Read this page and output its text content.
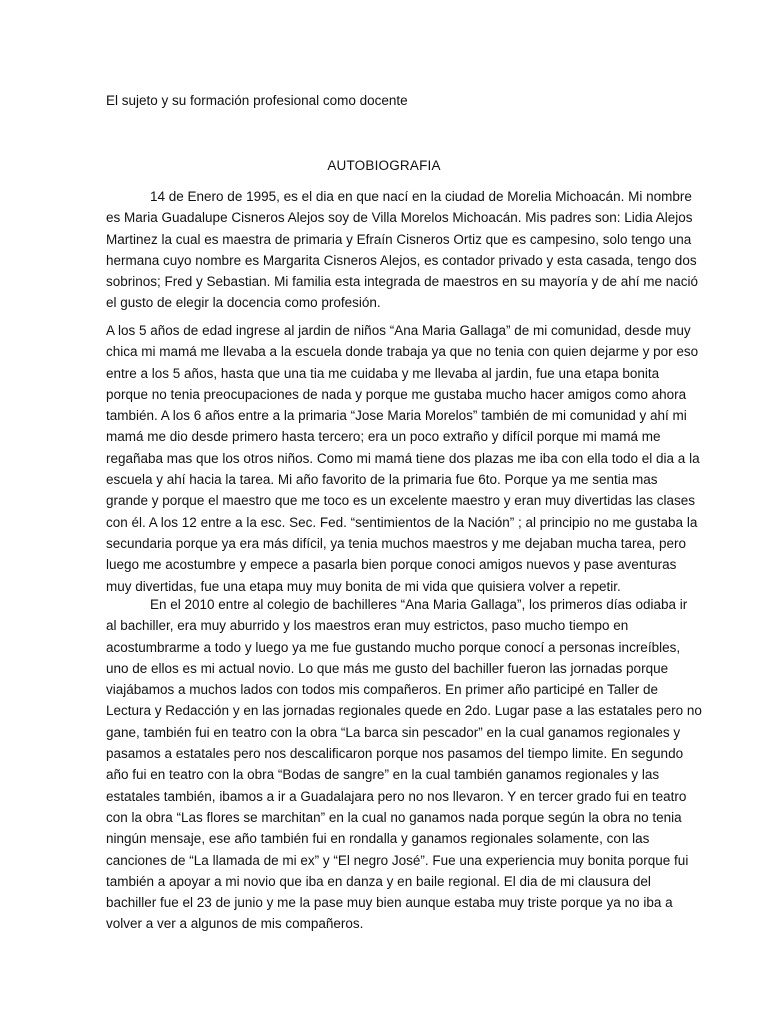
El sujeto y su formación profesional como docente
AUTOBIOGRAFIA
14 de Enero de 1995, es el dia en que nací en la ciudad de Morelia Michoacán. Mi nombre
es Maria Guadalupe Cisneros Alejos soy de Villa Morelos Michoacán. Mis padres son: Lidia Alejos
Martinez la cual es maestra de primaria y Efraín Cisneros Ortiz que es campesino, solo tengo una
hermana cuyo nombre es Margarita Cisneros Alejos, es contador privado y esta casada, tengo dos
sobrinos; Fred y Sebastian. Mi familia esta integrada de maestros en su mayoría y de ahí me nació
el gusto de elegir la docencia como profesión.
A los 5 años de edad ingrese al jardin de niños “Ana Maria Gallaga” de mi comunidad, desde muy
chica mi mamá me llevaba a la escuela donde trabaja ya que no tenia con quien dejarme y por eso
entre a los 5 años, hasta que una tia me cuidaba y me llevaba al jardin, fue una etapa bonita
porque no tenia preocupaciones de nada y porque me gustaba mucho hacer amigos como ahora
también. A los 6 años entre a la primaria “Jose Maria Morelos” también de mi comunidad y ahí mi
mamá me dio desde primero hasta tercero; era un poco extraño y difícil porque mi mamá me
regañaba mas que los otros niños. Como mi mamá tiene dos plazas me iba con ella todo el dia a la
escuela y ahí hacia la tarea. Mi año favorito de la primaria fue 6to. Porque ya me sentia mas
grande y porque el maestro que me toco es un excelente maestro y eran muy divertidas las clases
con él. A los 12 entre a la esc. Sec. Fed. “sentimientos de la Nación” ; al principio no me gustaba la
secundaria porque ya era más difícil, ya tenia muchos maestros y me dejaban mucha tarea, pero
luego me acostumbre y empece a pasarla bien porque conoci amigos nuevos y pase aventuras
muy divertidas, fue una etapa muy muy bonita de mi vida que quisiera volver a repetir.
En el 2010 entre al colegio de bachilleres “Ana Maria Gallaga”, los primeros días odiaba ir
al bachiller, era muy aburrido y los maestros eran muy estrictos, paso mucho tiempo en
acostumbrarme a todo y luego ya me fue gustando mucho porque conocí a personas increíbles,
uno de ellos es mi actual novio. Lo que más me gusto del bachiller fueron las jornadas porque
viajábamos a muchos lados con todos mis compañeros. En primer año participé en Taller de
Lectura y Redacción y en las jornadas regionales quede en 2do. Lugar pase a las estatales pero no
gane, también fui en teatro con la obra “La barca sin pescador” en la cual ganamos regionales y
pasamos a estatales pero nos descalificaron porque nos pasamos del tiempo limite. En segundo
año fui en teatro con la obra “Bodas de sangre” en la cual también ganamos regionales y las
estatales también, ibamos a ir a Guadalajara pero no nos llevaron. Y en tercer grado fui en teatro
con la obra “Las flores se marchitan” en la cual no ganamos nada porque según la obra no tenia
ningún mensaje, ese año también fui en rondalla y ganamos regionales solamente, con las
canciones de “La llamada de mi ex” y “El negro José”. Fue una experiencia muy bonita porque fui
también a apoyar a mi novio que iba en danza y en baile regional. El dia de mi clausura del
bachiller fue el 23 de junio y me la pase muy bien aunque estaba muy triste porque ya no iba a
volver a ver a algunos de mis compañeros.
